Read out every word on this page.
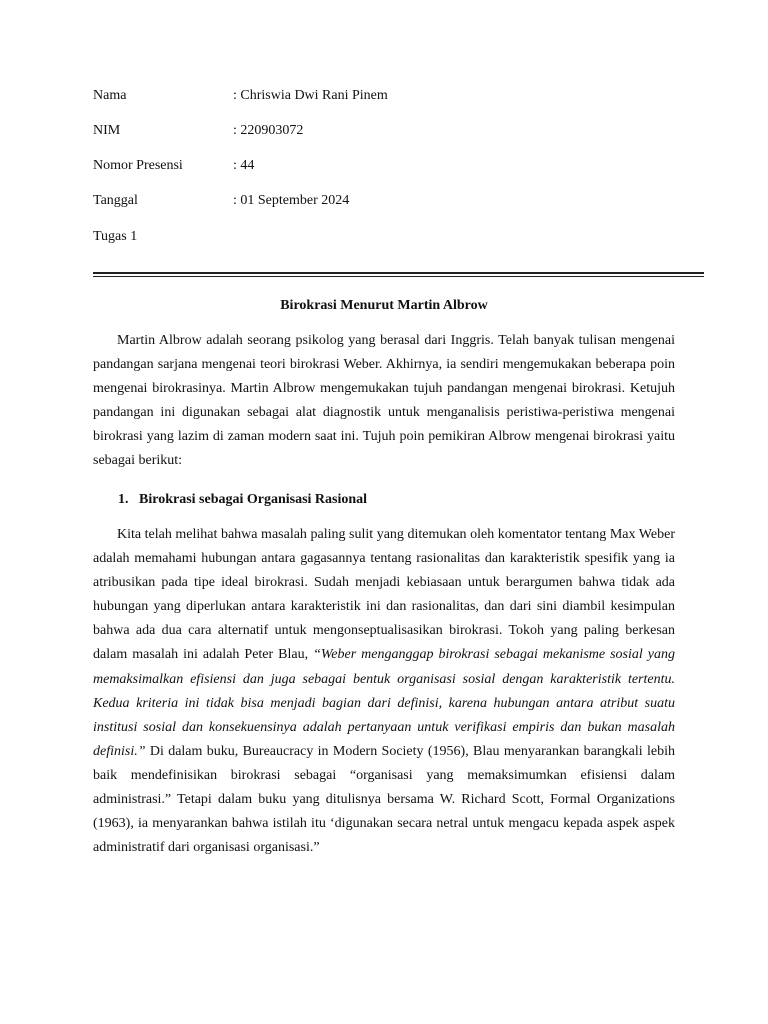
Nama	: Chriswia Dwi Rani Pinem
NIM	: 220903072
Nomor Presensi	: 44
Tanggal	: 01 September 2024
Tugas 1
Birokrasi Menurut Martin Albrow

Martin Albrow adalah seorang psikolog yang berasal dari Inggris. Telah banyak tulisan mengenai pandangan sarjana mengenai teori birokrasi Weber. Akhirnya, ia sendiri mengemukakan beberapa poin mengenai birokrasinya. Martin Albrow mengemukakan tujuh pandangan mengenai birokrasi. Ketujuh pandangan ini digunakan sebagai alat diagnostik untuk menganalisis peristiwa-peristiwa mengenai birokrasi yang lazim di zaman modern saat ini. Tujuh poin pemikiran Albrow mengenai birokrasi yaitu sebagai berikut:

1. Birokrasi sebagai Organisasi Rasional

Kita telah melihat bahwa masalah paling sulit yang ditemukan oleh komentator tentang Max Weber adalah memahami hubungan antara gagasannya tentang rasionalitas dan karakteristik spesifik yang ia atribusikan pada tipe ideal birokrasi. Sudah menjadi kebiasaan untuk berargumen bahwa tidak ada hubungan yang diperlukan antara karakteristik ini dan rasionalitas, dan dari sini diambil kesimpulan bahwa ada dua cara alternatif untuk mengonseptualisasikan birokrasi. Tokoh yang paling berkesan dalam masalah ini adalah Peter Blau, “Weber menganggap birokrasi sebagai mekanisme sosial yang memaksimalkan efisiensi dan juga sebagai bentuk organisasi sosial dengan karakteristik tertentu. Kedua kriteria ini tidak bisa menjadi bagian dari definisi, karena hubungan antara atribut suatu institusi sosial dan konsekuensinya adalah pertanyaan untuk verifikasi empiris dan bukan masalah definisi.” Di dalam buku, Bureaucracy in Modern Society (1956), Blau menyarankan barangkali lebih baik mendefinisikan birokrasi sebagai “organisasi yang memaksimumkan efisiensi dalam administrasi.” Tetapi dalam buku yang ditulisnya bersama W. Richard Scott, Formal Organizations (1963), ia menyarankan bahwa istilah itu ‘digunakan secara netral untuk mengacu kepada aspek aspek administratif dari organisasi organisasi.”
